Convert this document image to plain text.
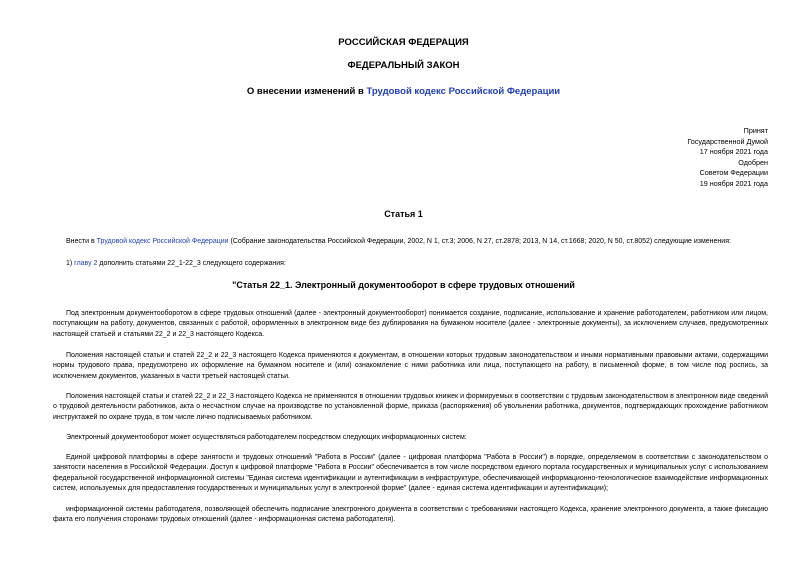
РОССИЙСКАЯ ФЕДЕРАЦИЯ
ФЕДЕРАЛЬНЫЙ ЗАКОН
О внесении изменений в Трудовой кодекс Российской Федерации
Принят
Государственной Думой
17 ноября 2021 года
Одобрен
Советом Федерации
19 ноября 2021 года
Статья 1
Внести в Трудовой кодекс Российской Федерации (Собрание законодательства Российской Федерации, 2002, N 1, ст.3; 2006, N 27, ст.2878; 2013, N 14, ст.1668; 2020, N 50, ст.8052) следующие изменения:
1) главу 2 дополнить статьями 22_1-22_3 следующего содержания:
"Статья 22_1. Электронный документооборот в сфере трудовых отношений
Под электронным документооборотом в сфере трудовых отношений (далее - электронный документооборот) понимается создание, подписание, использование и хранение работодателем, работником или лицом, поступающим на работу, документов, связанных с работой, оформленных в электронном виде без дублирования на бумажном носителе (далее - электронные документы), за исключением случаев, предусмотренных настоящей статьей и статьями 22_2 и 22_3 настоящего Кодекса.
Положения настоящей статьи и статей 22_2 и 22_3 настоящего Кодекса применяются к документам, в отношении которых трудовым законодательством и иными нормативными правовыми актами, содержащими нормы трудового права, предусмотрено их оформление на бумажном носителе и (или) ознакомление с ними работника или лица, поступающего на работу, в письменной форме, в том числе под роспись, за исключением документов, указанных в части третьей настоящей статьи.
Положения настоящей статьи и статей 22_2 и 22_3 настоящего Кодекса не применяются в отношении трудовых книжек и формируемых в соответствии с трудовым законодательством в электронном виде сведений о трудовой деятельности работников, акта о несчастном случае на производстве по установленной форме, приказа (распоряжения) об увольнении работника, документов, подтверждающих прохождение работником инструктажей по охране труда, в том числе лично подписываемых работником.
Электронный документооборот может осуществляться работодателем посредством следующих информационных систем:
Единой цифровой платформы в сфере занятости и трудовых отношений "Работа в России" (далее - цифровая платформа "Работа в России") в порядке, определяемом в соответствии с законодательством о занятости населения в Российской Федерации. Доступ к цифровой платформе "Работа в России" обеспечивается в том числе посредством единого портала государственных и муниципальных услуг с использованием федеральной государственной информационной системы "Единая система идентификации и аутентификации в инфраструктуре, обеспечивающей информационно-технологическое взаимодействие информационных систем, используемых для предоставления государственных и муниципальных услуг в электронной форме" (далее - единая система идентификации и аутентификации);
информационной системы работодателя, позволяющей обеспечить подписание электронного документа в соответствии с требованиями настоящего Кодекса, хранение электронного документа, а также фиксацию факта его получения сторонами трудовых отношений (далее - информационная система работодателя).
